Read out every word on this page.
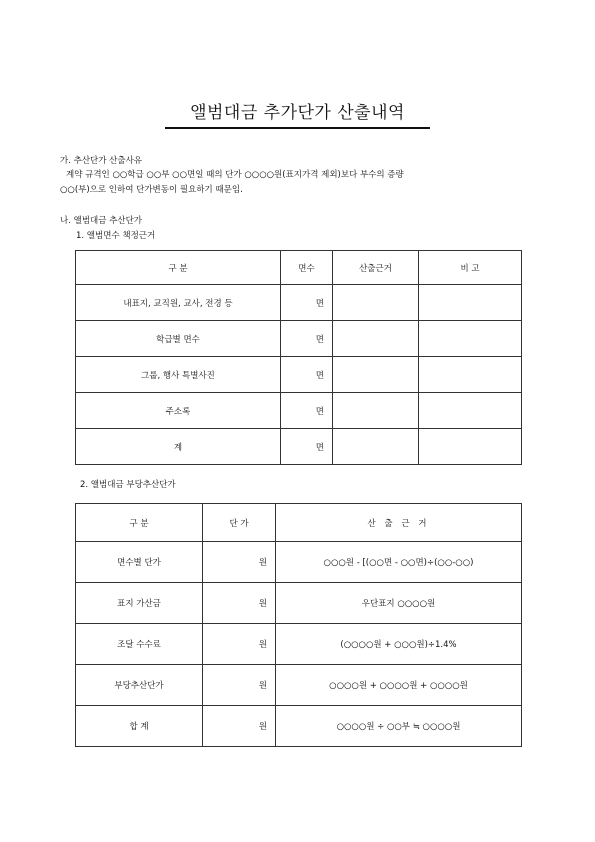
앨범대금 추가단가 산출내역
가. 추산단가 산출사유
계약 규격인 ○○학급 ○○부 ○○면일 때의 단가 ○○○○원(표지가격 제외)보다 부수의 증량
○○(부)으로 인하여 단가변동이 필요하기 때문임.
나. 앨범대금 추산단가
1. 앨범면수 책정근거
구 분	면수	산출근거	비 고
내표지, 교직원, 교사, 전경 등	면		
학급별 면수	면		
그룹, 행사 특별사진	면		
주소록	면		
계	면		
2. 앨범대금 부당추산단가
구 분	단 가	산 출 근 거
면수별 단가	원	○○○원 - [(○○면 - ○○면)÷(○○-○○)
표지 가산금	원	우단표지 ○○○○원
조달 수수료	원	(○○○○원 + ○○○원)÷1.4%
부당추산단가	원	○○○○원 + ○○○○원 + ○○○○원
합 계	원	○○○○원 ÷ ○○부 ≒ ○○○○원
